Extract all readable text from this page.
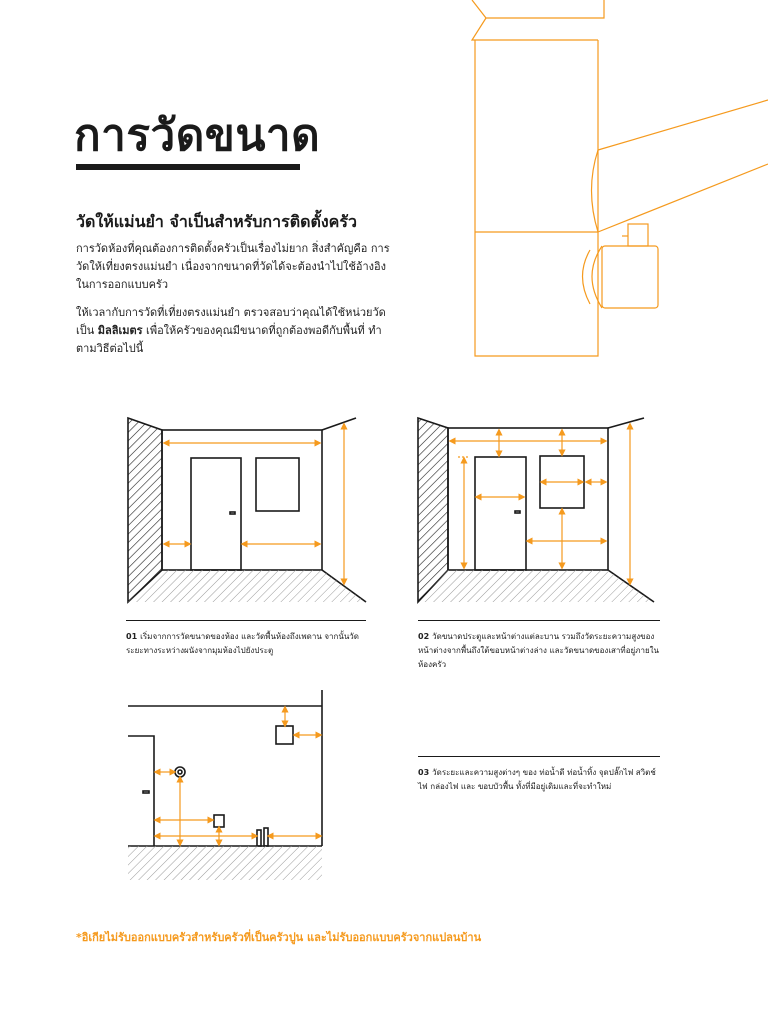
การวัดขนาด
วัดให้แม่นยำ จำเป็นสำหรับการติดตั้งครัว

การวัดห้องที่คุณต้องการติดตั้งครัวเป็นเรื่องไม่ยาก สิ่งสำคัญคือ การวัดให้เที่ยงตรงแม่นยำ เนื่องจากขนาดที่วัดได้จะต้องนำไปใช้อ้างอิง ในการออกแบบครัว

ให้เวลากับการวัดที่เที่ยงตรงแม่นยำ ตรวจสอบว่าคุณได้ใช้หน่วยวัดเป็น มิลลิเมตร เพื่อให้ครัวของคุณมีขนาดที่ถูกต้องพอดีกับพื้นที่ ทำตามวิธีต่อไปนี้

01 เริ่มจากการวัดขนาดของห้อง และวัดพื้นห้องถึงเพดาน จากนั้นวัดระยะทางระหว่างผนังจากมุมห้องไปยังประตู

02 วัดขนาดประตูและหน้าต่างแต่ละบาน รวมถึงวัดระยะความสูงของหน้าต่างจากพื้นถึงใต้ขอบหน้าต่างล่าง และวัดขนาดของเสาที่อยู่ภายในห้องครัว

03 วัดระยะและความสูงต่างๆ ของ ท่อน้ำดี ท่อน้ำทิ้ง จุดปลั๊กไฟ สวิตช์ไฟ กล่องไฟ และ ขอบบัวพื้น ทั้งที่มีอยู่เดิมและที่จะทำใหม่

*อิเกียไม่รับออกแบบครัวสำหรับครัวที่เป็นครัวปูน และไม่รับออกแบบครัวจากแปลนบ้าน
